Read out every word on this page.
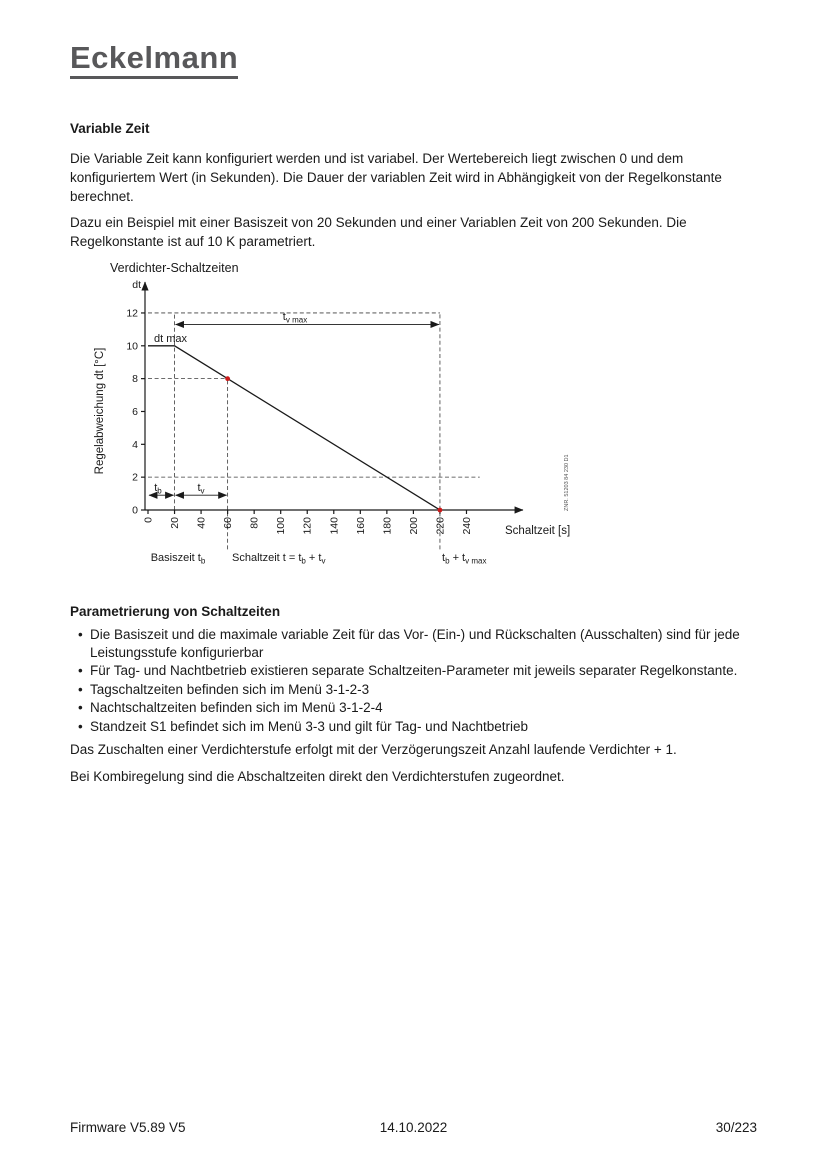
Eckelmann
Variable Zeit

Die Variable Zeit kann konfiguriert werden und ist variabel. Der Wertebereich liegt zwischen 0 und dem konfiguriertem Wert (in Sekunden). Die Dauer der variablen Zeit wird in Abhängigkeit von der Regelkonstante berechnet.

Dazu ein Beispiel mit einer Basiszeit von 20 Sekunden und einer Variablen Zeit von 200 Sekunden. Die Regelkonstante ist auf 10 K parametriert.

0
2
4
6
8
10
12
0 20 40 60 80 100 120 140 160 180 200 220 240
Verdichter-Schaltzeiten
Regelabweichung dt [°C]
Schaltzeit [s]
dt
dt max
$t_{v max}$
$t_b$	$t_v$
Basiszeit $t_b$ Schaltzeit $t = t_b + t_v$	$t_b + t_{v max}$
ZNR. 51203 84 230 D1
Parametrierung von Schaltzeiten
• Die Basiszeit und die maximale variable Zeit für das Vor- (Ein-) und Rückschalten (Ausschalten) sind für jede Leistungsstufe konfigurierbar
• Für Tag- und Nachtbetrieb existieren separate Schaltzeiten-Parameter mit jeweils separater Regelkonstante.
• Tagschaltzeiten befinden sich im Menü 3-1-2-3
• Nachtschaltzeiten befinden sich im Menü 3-1-2-4
• Standzeit S1 befindet sich im Menü 3-3 und gilt für Tag- und Nachtbetrieb

Das Zuschalten einer Verdichterstufe erfolgt mit der Verzögerungszeit Anzahl laufende Verdichter + 1.

Bei Kombiregelung sind die Abschaltzeiten direkt den Verdichterstufen zugeordnet.

Firmware V5.89 V5	14.10.2022	30/223
